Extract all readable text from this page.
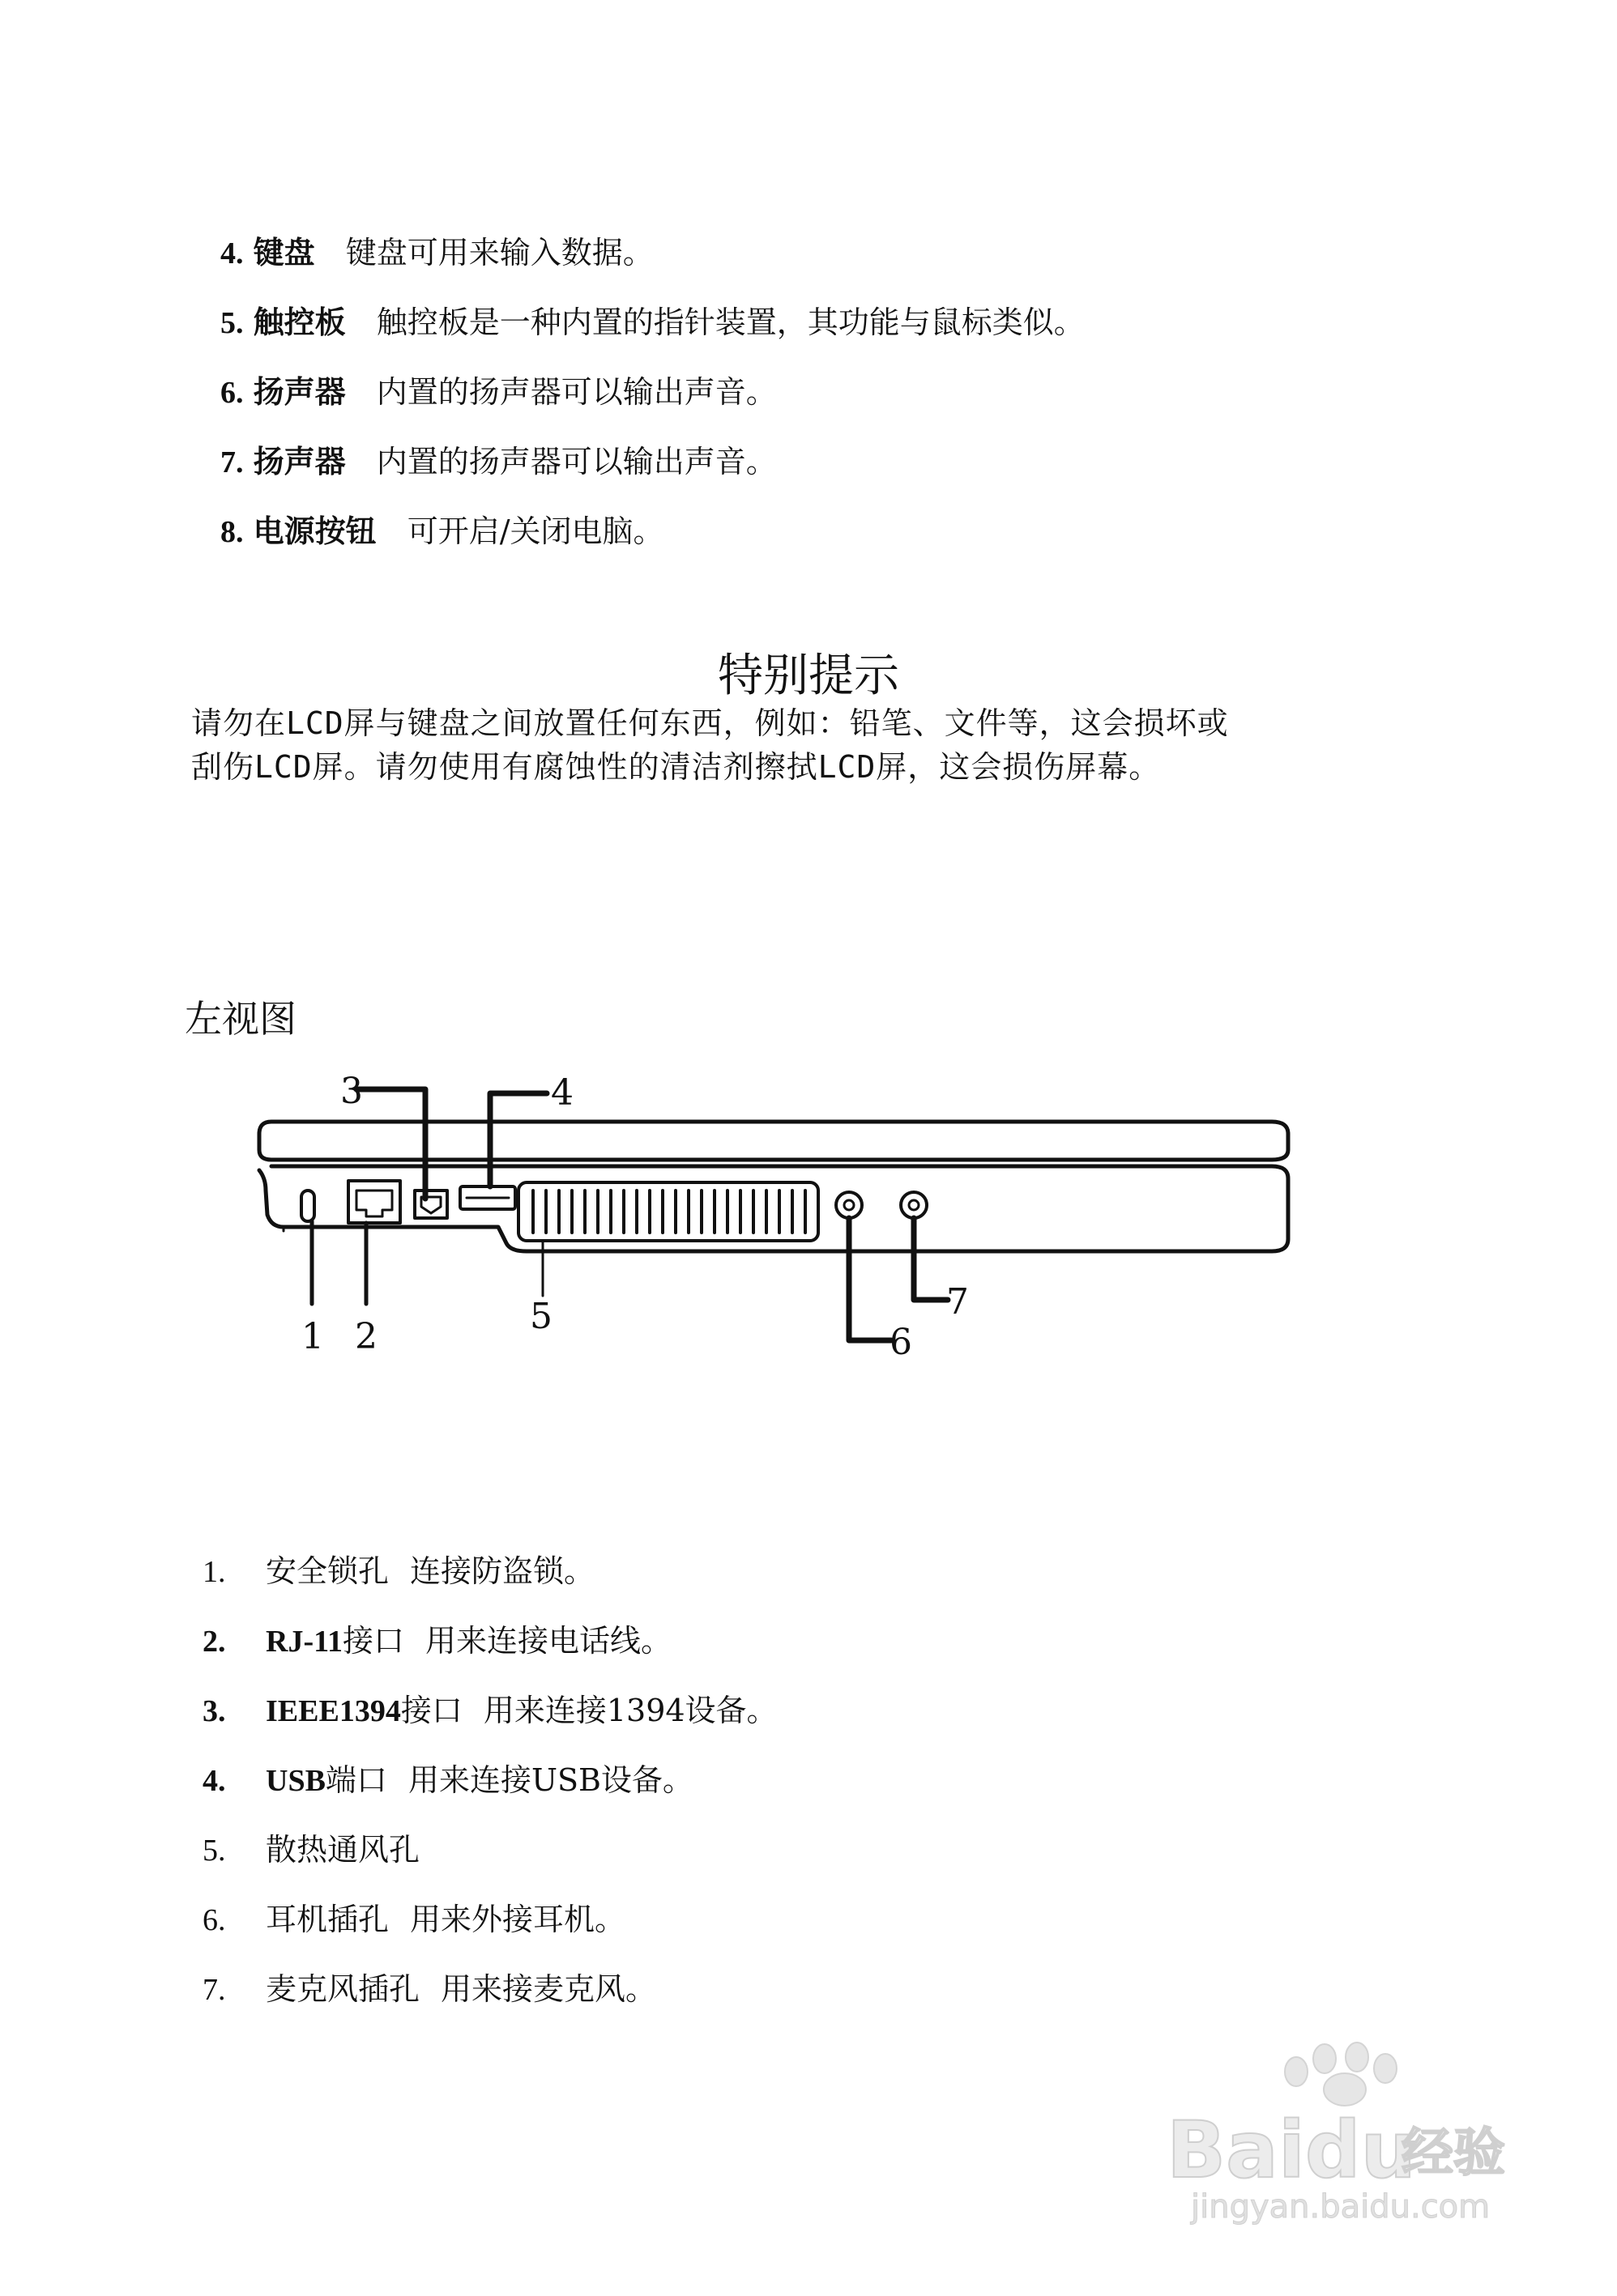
4. 键盘 键盘可用来输入数据。
5. 触控板 触控板是一种内置的指针装置，其功能与鼠标类似。
6. 扬声器 内置的扬声器可以输出声音。
7. 扬声器 内置的扬声器可以输出声音。
8. 电源按钮 可开启/关闭电脑。
特别提示
请勿在LCD屏与键盘之间放置任何东西，例如：铅笔、文件等，这会损坏或
刮伤LCD屏。请勿使用有腐蚀性的清洁剂擦拭LCD屏，这会损伤屏幕。
左视图
1 2
3	4
5
6
7
1. 安全锁孔 连接防盗锁。
2. RJ-11接口 用来连接电话线。
3. IEEE1394接口 用来连接1394设备。
4. USB端口 用来连接USB设备。
5. 散热通风孔
6. 耳机插孔 用来外接耳机。
7. 麦克风插孔 用来接麦克风。
Baidu
经验
jingyan.baidu.com
